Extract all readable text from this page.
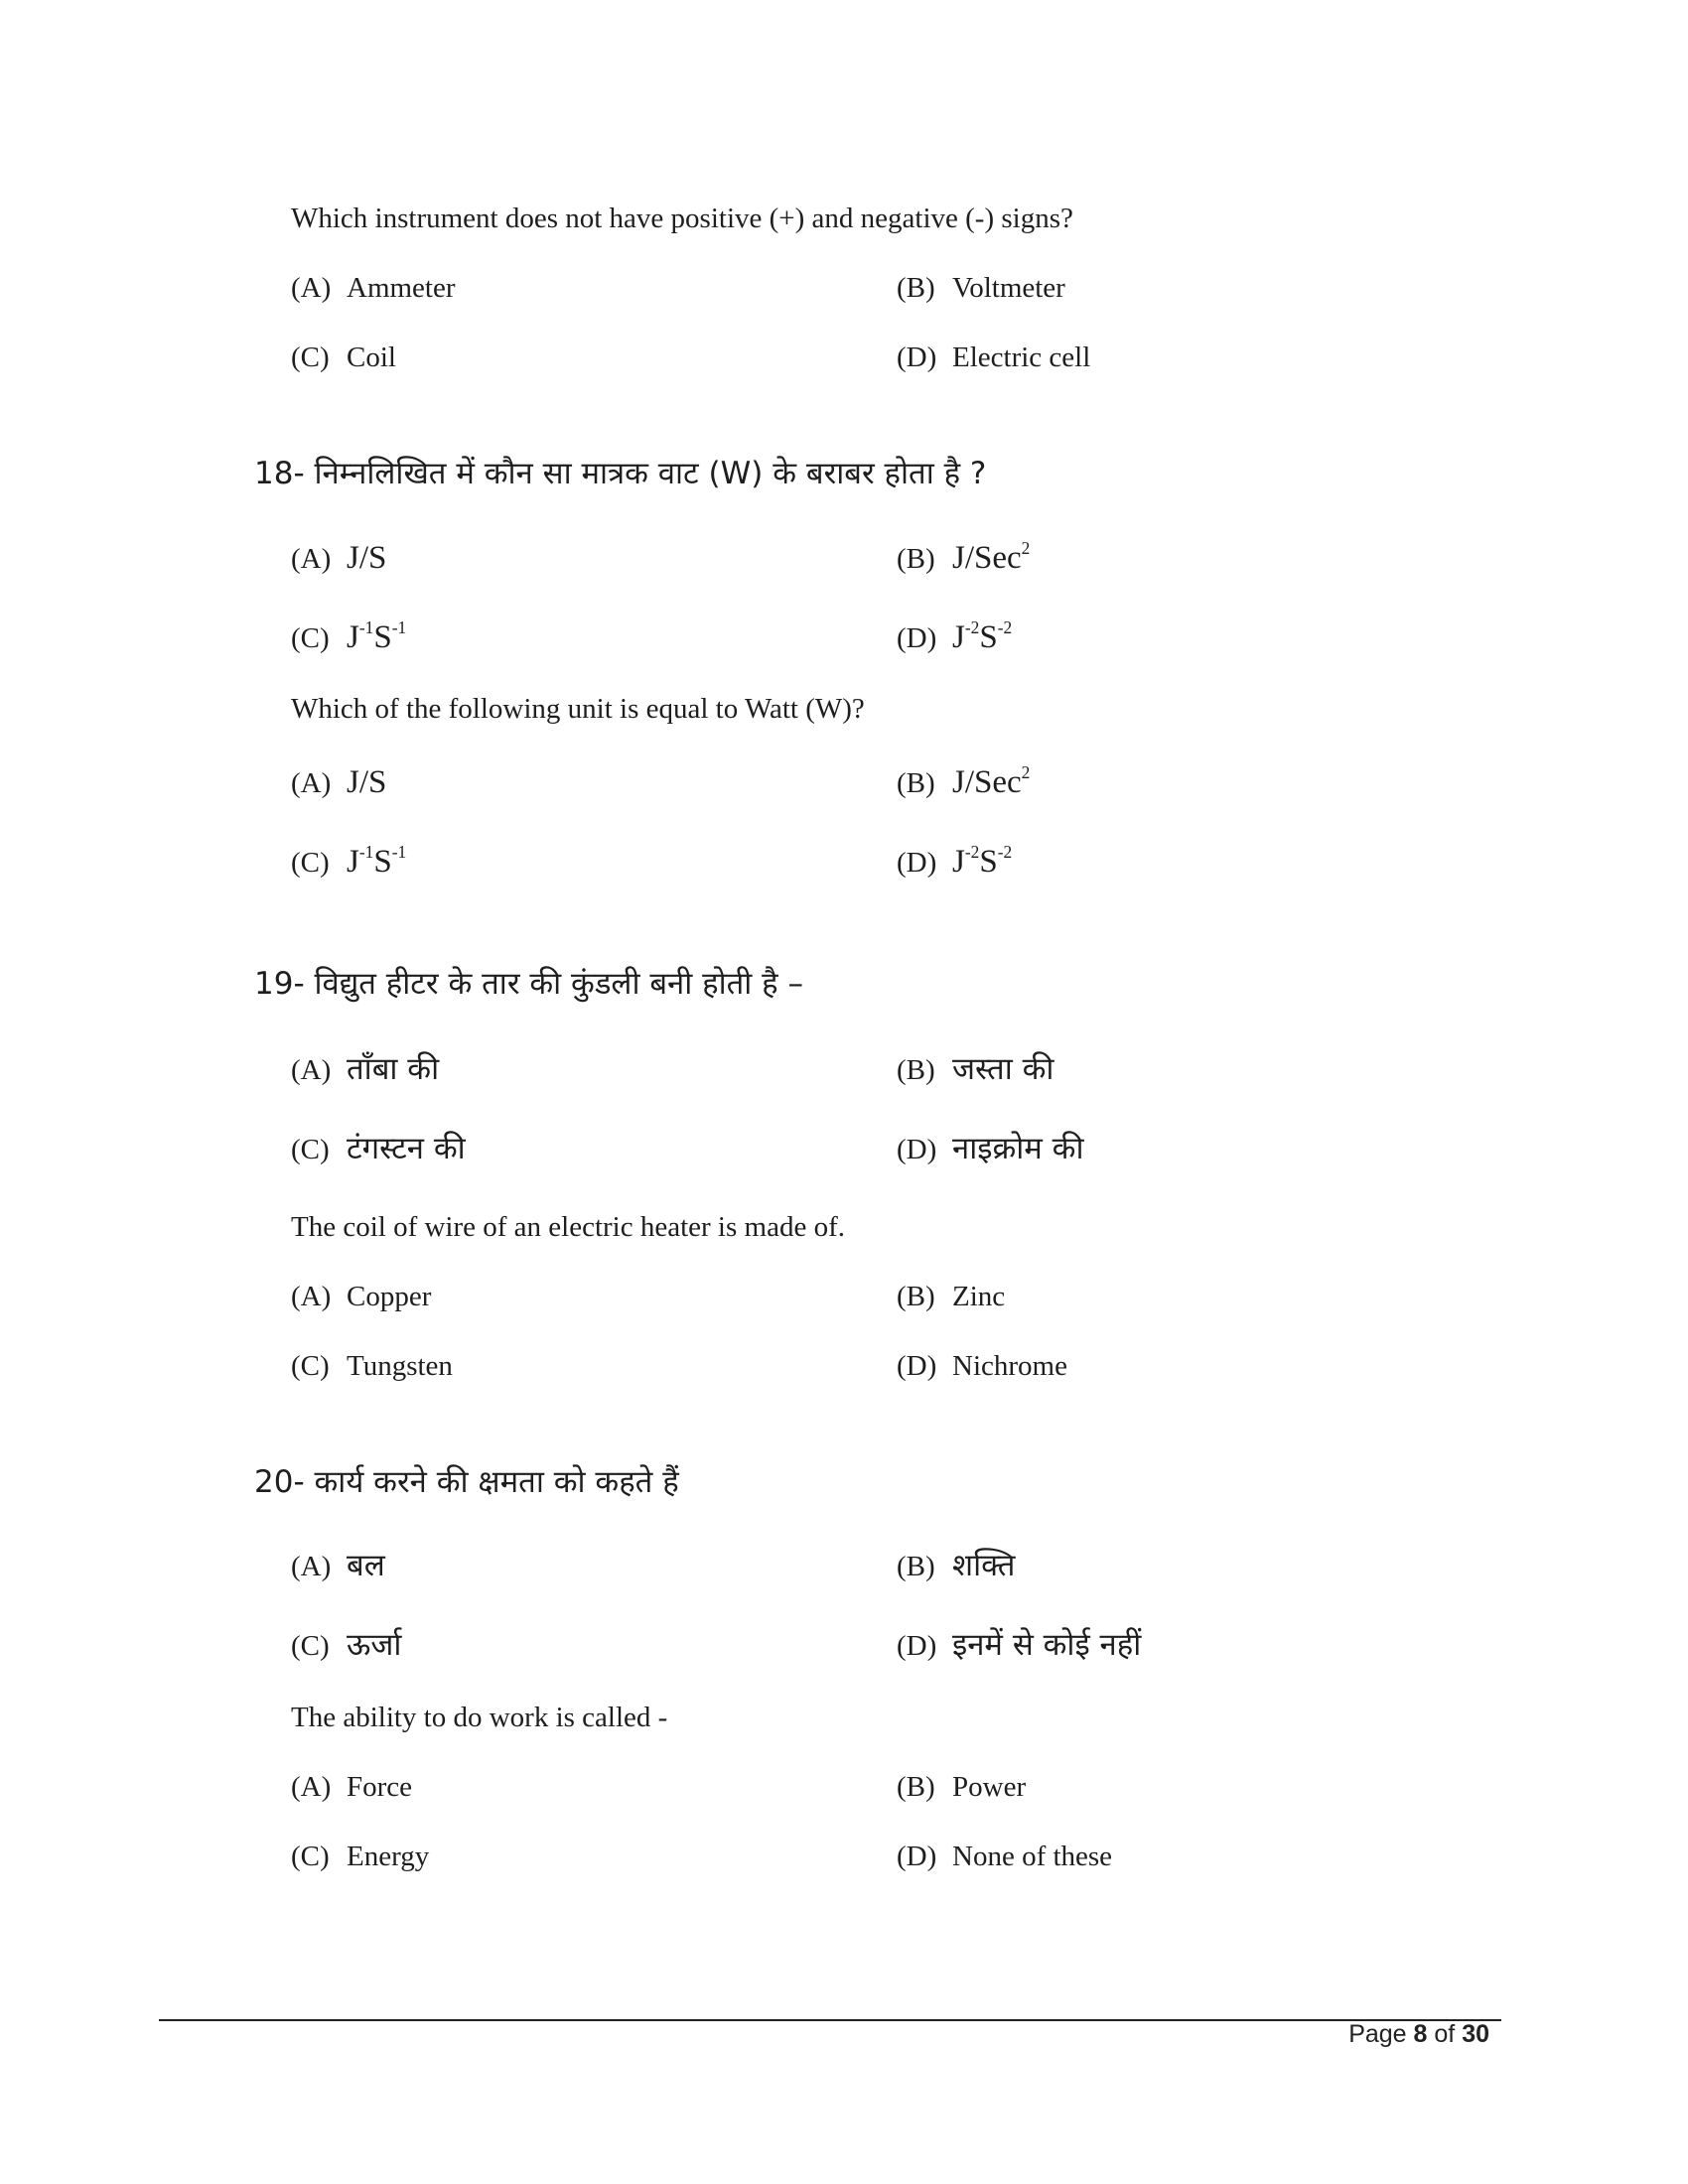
Which instrument does not have positive (+) and negative (-) signs?
(A) Ammeter	(B) Voltmeter
(C) Coil	(D) Electric cell
18- निम्नलिखित में कौन सा मात्रक वाट (W) के बराबर होता है ?
(A) J/S	(B) J/Sec$^2$
(C) $J^{-1}S^{-1}$	(D) $J^{-2}S^{-2}$
Which of the following unit is equal to Watt (W)?
(A) J/S	(B) J/Sec$^2$
(C) $J^{-1}S^{-1}$	(D) $J^{-2}S^{-2}$
19- विद्युत हीटर के तार की कुंडली बनी होती है –
(A) ताँबा की	(B) जस्ता की
(C) टंगस्टन की	(D) नाइक्रोम की
The coil of wire of an electric heater is made of.
(A) Copper	(B) Zinc
(C) Tungsten	(D) Nichrome
20- कार्य करने की क्षमता को कहते हैं
(A) बल	(B) शक्ति
(C) ऊर्जा	(D) इनमें से कोई नहीं
The ability to do work is called -
(A) Force	(B) Power
(C) Energy	(D) None of these
Page 8 of 30
